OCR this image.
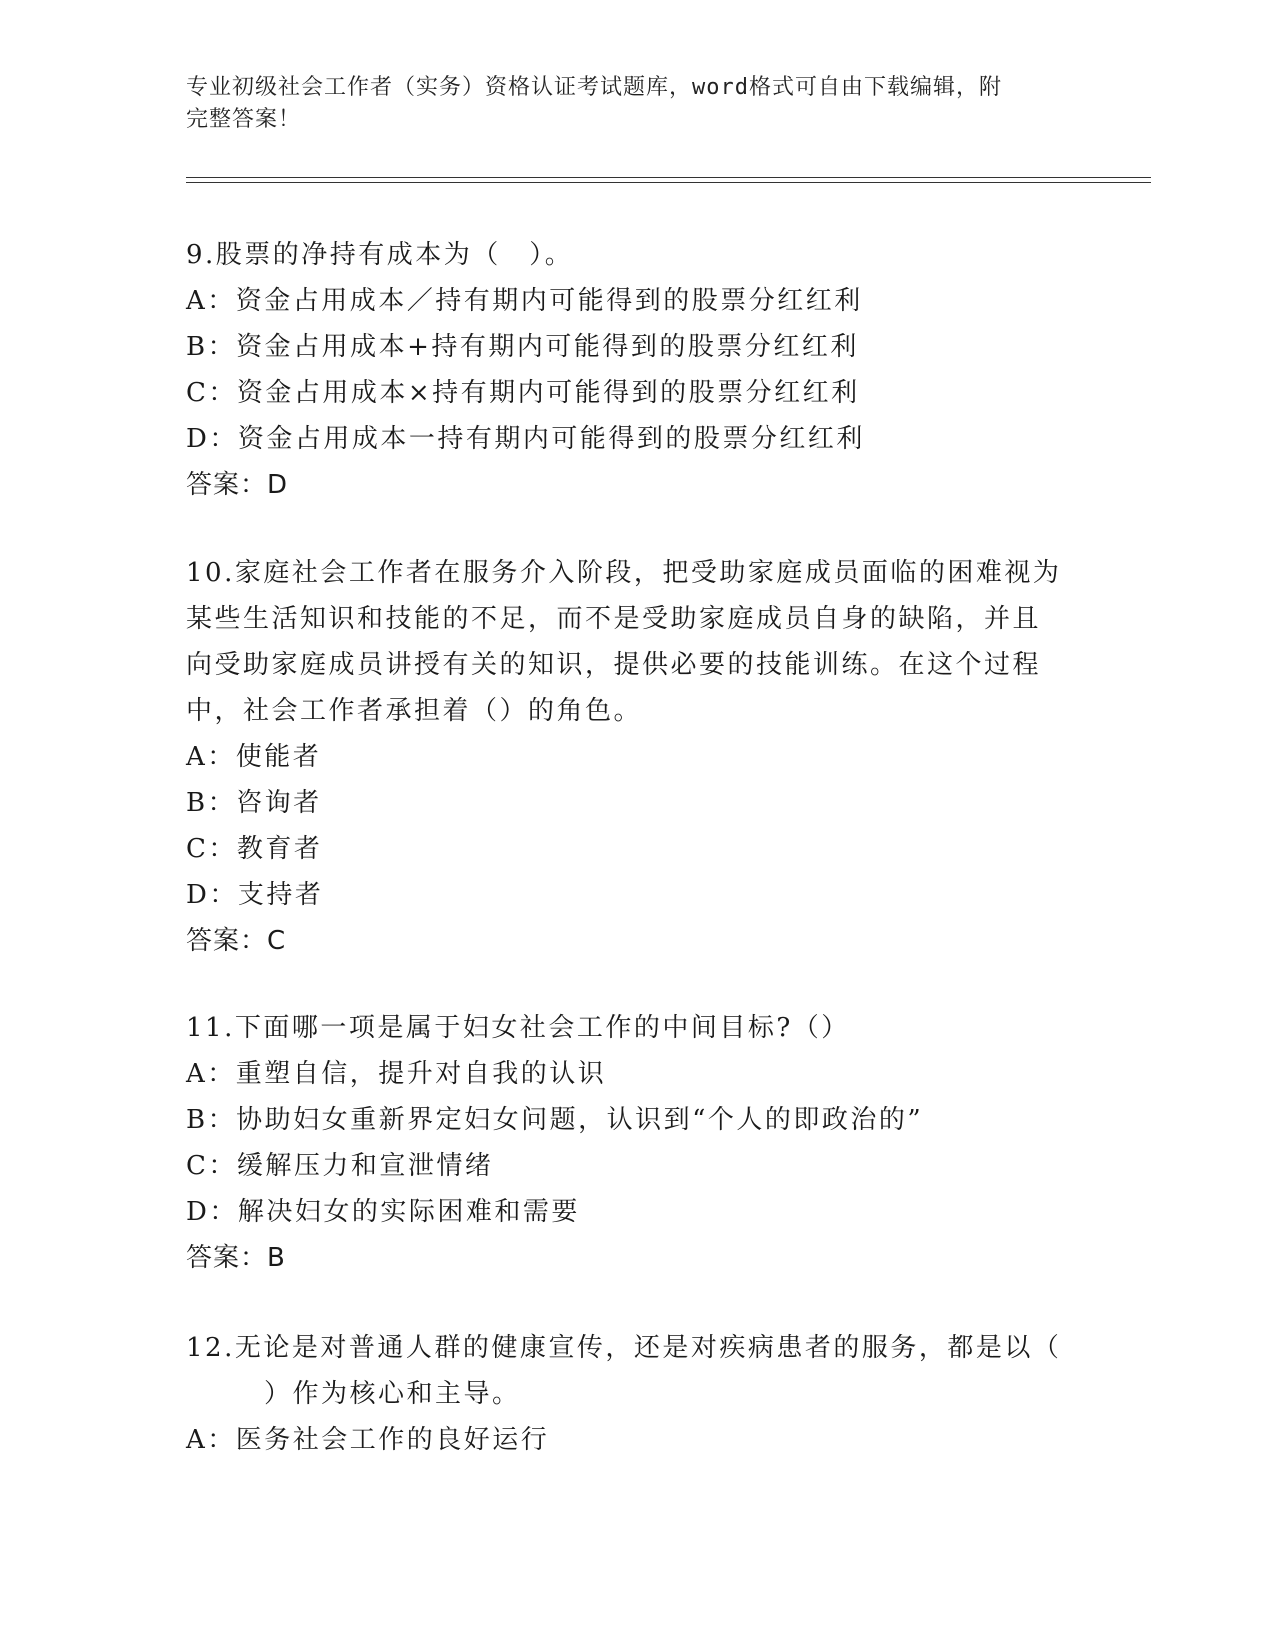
专业初级社会工作者（实务）资格认证考试题库，word格式可自由下载编辑，附
完整答案！
9.股票的净持有成本为（　）。
A：资金占用成本／持有期内可能得到的股票分红红利
B：资金占用成本+持有期内可能得到的股票分红红利
C：资金占用成本×持有期内可能得到的股票分红红利
D：资金占用成本一持有期内可能得到的股票分红红利
答案：D
10.家庭社会工作者在服务介入阶段，把受助家庭成员面临的困难视为
某些生活知识和技能的不足，而不是受助家庭成员自身的缺陷，并且
向受助家庭成员讲授有关的知识，提供必要的技能训练。在这个过程
中，社会工作者承担着（）的角色。
A：使能者
B：咨询者
C：教育者
D：支持者
答案：C
11.下面哪一项是属于妇女社会工作的中间目标?（）
A：重塑自信，提升对自我的认识
B：协助妇女重新界定妇女问题，认识到“个人的即政治的”
C：缓解压力和宣泄情绪
D：解决妇女的实际困难和需要
答案：B
12.无论是对普通人群的健康宣传，还是对疾病患者的服务，都是以（
）作为核心和主导。
A：医务社会工作的良好运行
